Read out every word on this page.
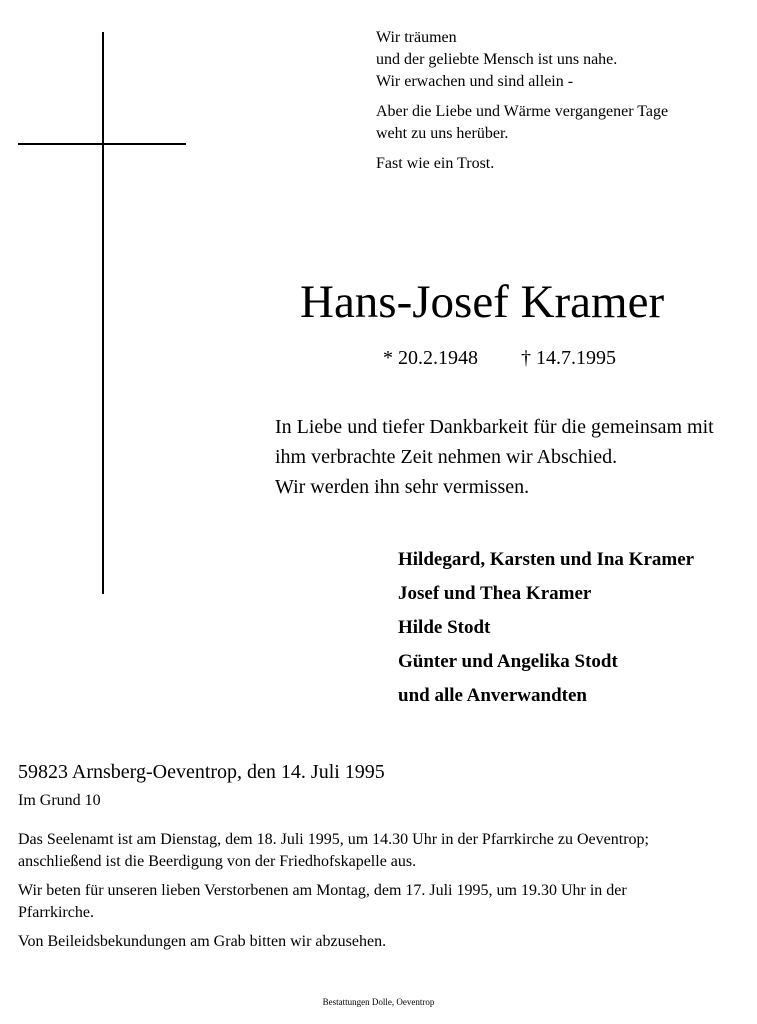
Wir träumen
und der geliebte Mensch ist uns nahe.
Wir erwachen und sind allein -
Aber die Liebe und Wärme vergangener Tage
weht zu uns herüber.
Fast wie ein Trost.
Hans-Josef Kramer
* 20.2.1948 † 14.7.1995
In Liebe und tiefer Dankbarkeit für die gemeinsam mit
ihm verbrachte Zeit nehmen wir Abschied.
Wir werden ihn sehr vermissen.
Hildegard, Karsten und Ina Kramer
Josef und Thea Kramer
Hilde Stodt
Günter und Angelika Stodt
und alle Anverwandten
59823 Arnsberg-Oeventrop, den 14. Juli 1995
Im Grund 10
Das Seelenamt ist am Dienstag, dem 18. Juli 1995, um 14.30 Uhr in der Pfarrkirche zu Oeventrop;
anschließend ist die Beerdigung von der Friedhofskapelle aus.
Wir beten für unseren lieben Verstorbenen am Montag, dem 17. Juli 1995, um 19.30 Uhr in der
Pfarrkirche.
Von Beileidsbekundungen am Grab bitten wir abzusehen.
Bestattungen Dolle, Oeventrop
